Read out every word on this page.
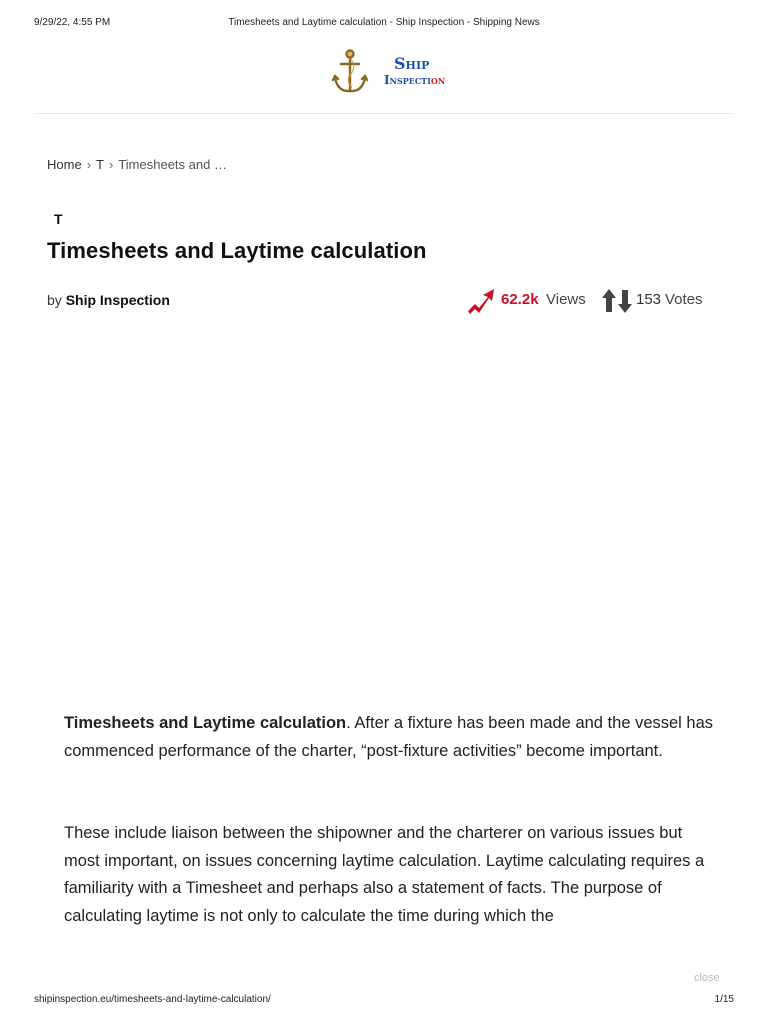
9/29/22, 4:55 PM	Timesheets and Laytime calculation - Ship Inspection - Shipping News
Ship
Inspection
Home › T › Timesheets and …
T
Timesheets and Laytime calculation
by Ship Inspection	62.2k Views	153 Votes

Timesheets and Laytime calculation. After a fixture has been made and the vessel has commenced performance of the charter, “post-fixture activities” become important.

These include liaison between the shipowner and the charterer on various issues but most important, on issues concerning laytime calculation. Laytime calculating requires a familiarity with a Timesheet and perhaps also a statement of facts. The purpose of calculating laytime is not only to calculate the time during which the

close
shipinspection.eu/timesheets-and-laytime-calculation/	1/15
